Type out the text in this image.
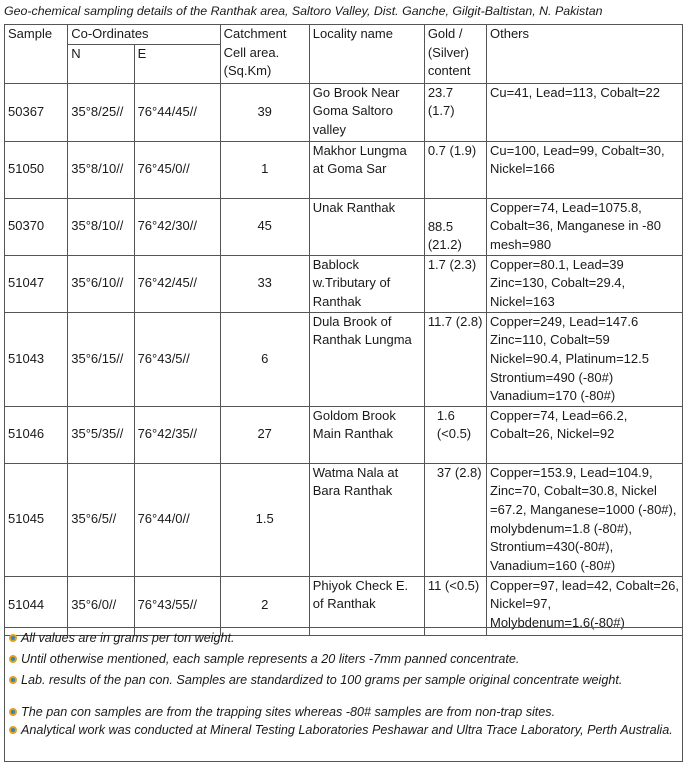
Geo-chemical sampling details of the Ranthak area, Saltoro Valley, Dist. Ganche, Gilgit-Baltistan, N. Pakistan
Sample	Co-Ordinates		Catchment Cell area. (Sq.Km)	Locality name	Gold / (Silver) content	Others
	N	E				
50367	35°8/25//	76°44/45//	39	Go Brook Near Goma Saltoro valley	23.7 (1.7)	Cu=41, Lead=113, Cobalt=22
51050	35°8/10//	76°45/0//	1	Makhor Lungma at Goma Sar	0.7 (1.9)	Cu=100, Lead=99, Cobalt=30, Nickel=166
50370	35°8/10//	76°42/30//	45	Unak Ranthak	88.5 (21.2)	Copper=74, Lead=1075.8, Cobalt=36, Manganese in -80 mesh=980
51047	35°6/10//	76°42/45//	33	Bablock w.Tributary of Ranthak	1.7 (2.3)	Copper=80.1, Lead=39 Zinc=130, Cobalt=29.4, Nickel=163
51043	35°6/15//	76°43/5//	6	Dula Brook of Ranthak Lungma	11.7 (2.8)	Copper=249, Lead=147.6 Zinc=110, Cobalt=59 Nickel=90.4, Platinum=12.5 Strontium=490 (-80#) Vanadium=170 (-80#)
51046	35°5/35//	76°42/35//	27	Goldom Brook Main Ranthak	1.6 (<0.5)	Copper=74, Lead=66.2, Cobalt=26, Nickel=92
51045	35°6/5//	76°44/0//	1.5	Watma Nala at Bara Ranthak	37 (2.8)	Copper=153.9, Lead=104.9, Zinc=70, Cobalt=30.8, Nickel =67.2, Manganese=1000 (-80#), molybdenum=1.8 (-80#), Strontium=430(-80#), Vanadium=160 (-80#)
51044	35°6/0//	76°43/55//	2	Phiyok Check E. of Ranthak	11 (<0.5)	Copper=97, lead=42, Cobalt=26, Nickel=97, Molybdenum=1.6(-80#)
All values are in grams per ton weight.
Until otherwise mentioned, each sample represents a 20 liters -7mm panned concentrate.
Lab. results of the pan con. Samples are standardized to 100 grams per sample original concentrate weight.
The pan con samples are from the trapping sites whereas -80# samples are from non-trap sites.
Analytical work was conducted at Mineral Testing Laboratories Peshawar and Ultra Trace Laboratory, Perth Australia.
